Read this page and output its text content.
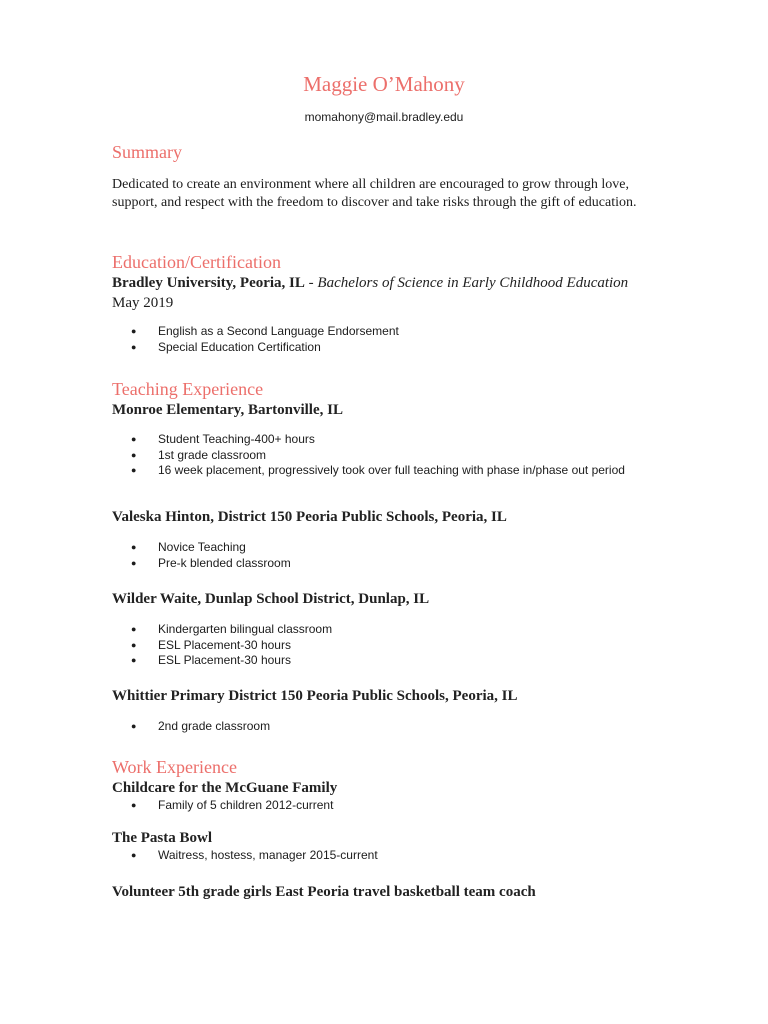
Maggie O’Mahony
momahony@mail.bradley.edu
Summary
Dedicated to create an environment where all children are encouraged to grow through love, support, and respect with the freedom to discover and take risks through the gift of education.
Education/Certification
Bradley University, Peoria, IL - Bachelors of Science in Early Childhood Education
May 2019
● English as a Second Language Endorsement
● Special Education Certification
Teaching Experience
Monroe Elementary, Bartonville, IL
● Student Teaching-400+ hours
● 1st grade classroom
● 16 week placement, progressively took over full teaching with phase in/phase out period
Valeska Hinton, District 150 Peoria Public Schools, Peoria, IL
● Novice Teaching
● Pre-k blended classroom
Wilder Waite, Dunlap School District, Dunlap, IL
● Kindergarten bilingual classroom
● ESL Placement-30 hours
● ESL Placement-30 hours
Whittier Primary District 150 Peoria Public Schools, Peoria, IL
● 2nd grade classroom
Work Experience
Childcare for the McGuane Family
● Family of 5 children 2012-current
The Pasta Bowl
● Waitress, hostess, manager 2015-current
Volunteer 5th grade girls East Peoria travel basketball team coach
